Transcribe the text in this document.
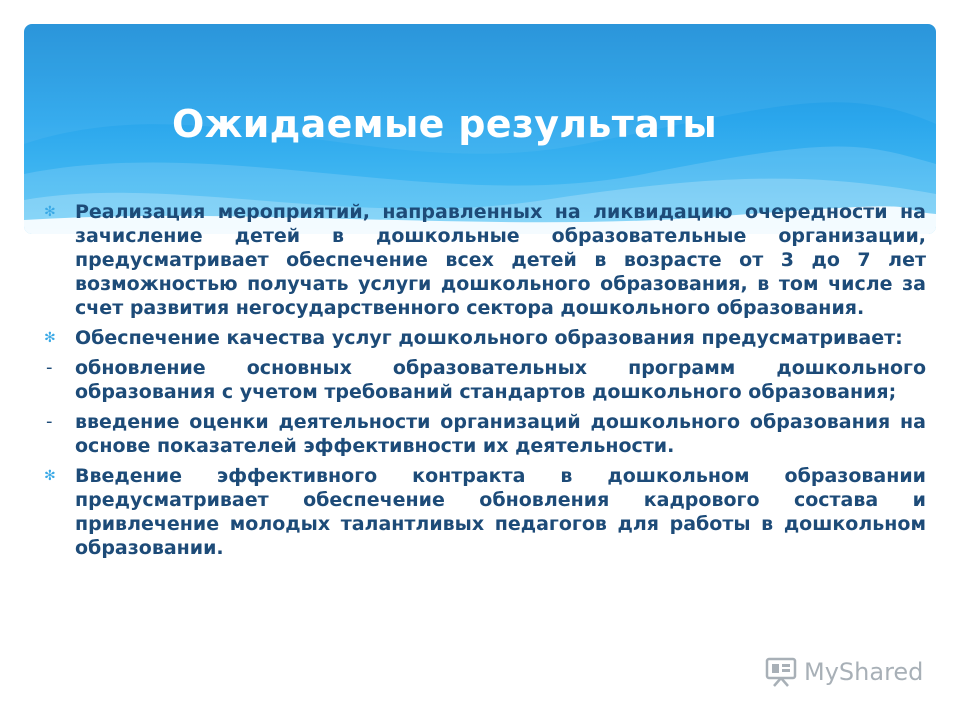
Ожидаемые результаты
✻	Реализация мероприятий, направленных на ликвидацию очередности на зачисление детей в дошкольные образовательные организации, предусматривает обеспечение всех детей в возрасте от 3 до 7 лет возможностью получать услуги дошкольного образования, в том числе за счет развития негосударственного сектора дошкольного образования.
✻	Обеспечение качества услуг дошкольного образования предусматривает:
-	обновление основных образовательных программ дошкольного образования с учетом требований стандартов дошкольного образования;
-	введение оценки деятельности организаций дошкольного образования на основе показателей эффективности их деятельности.
✻	Введение эффективного контракта в дошкольном образовании предусматривает обеспечение обновления кадрового состава и привлечение молодых талантливых педагогов для работы в дошкольном образовании.
MyShared
